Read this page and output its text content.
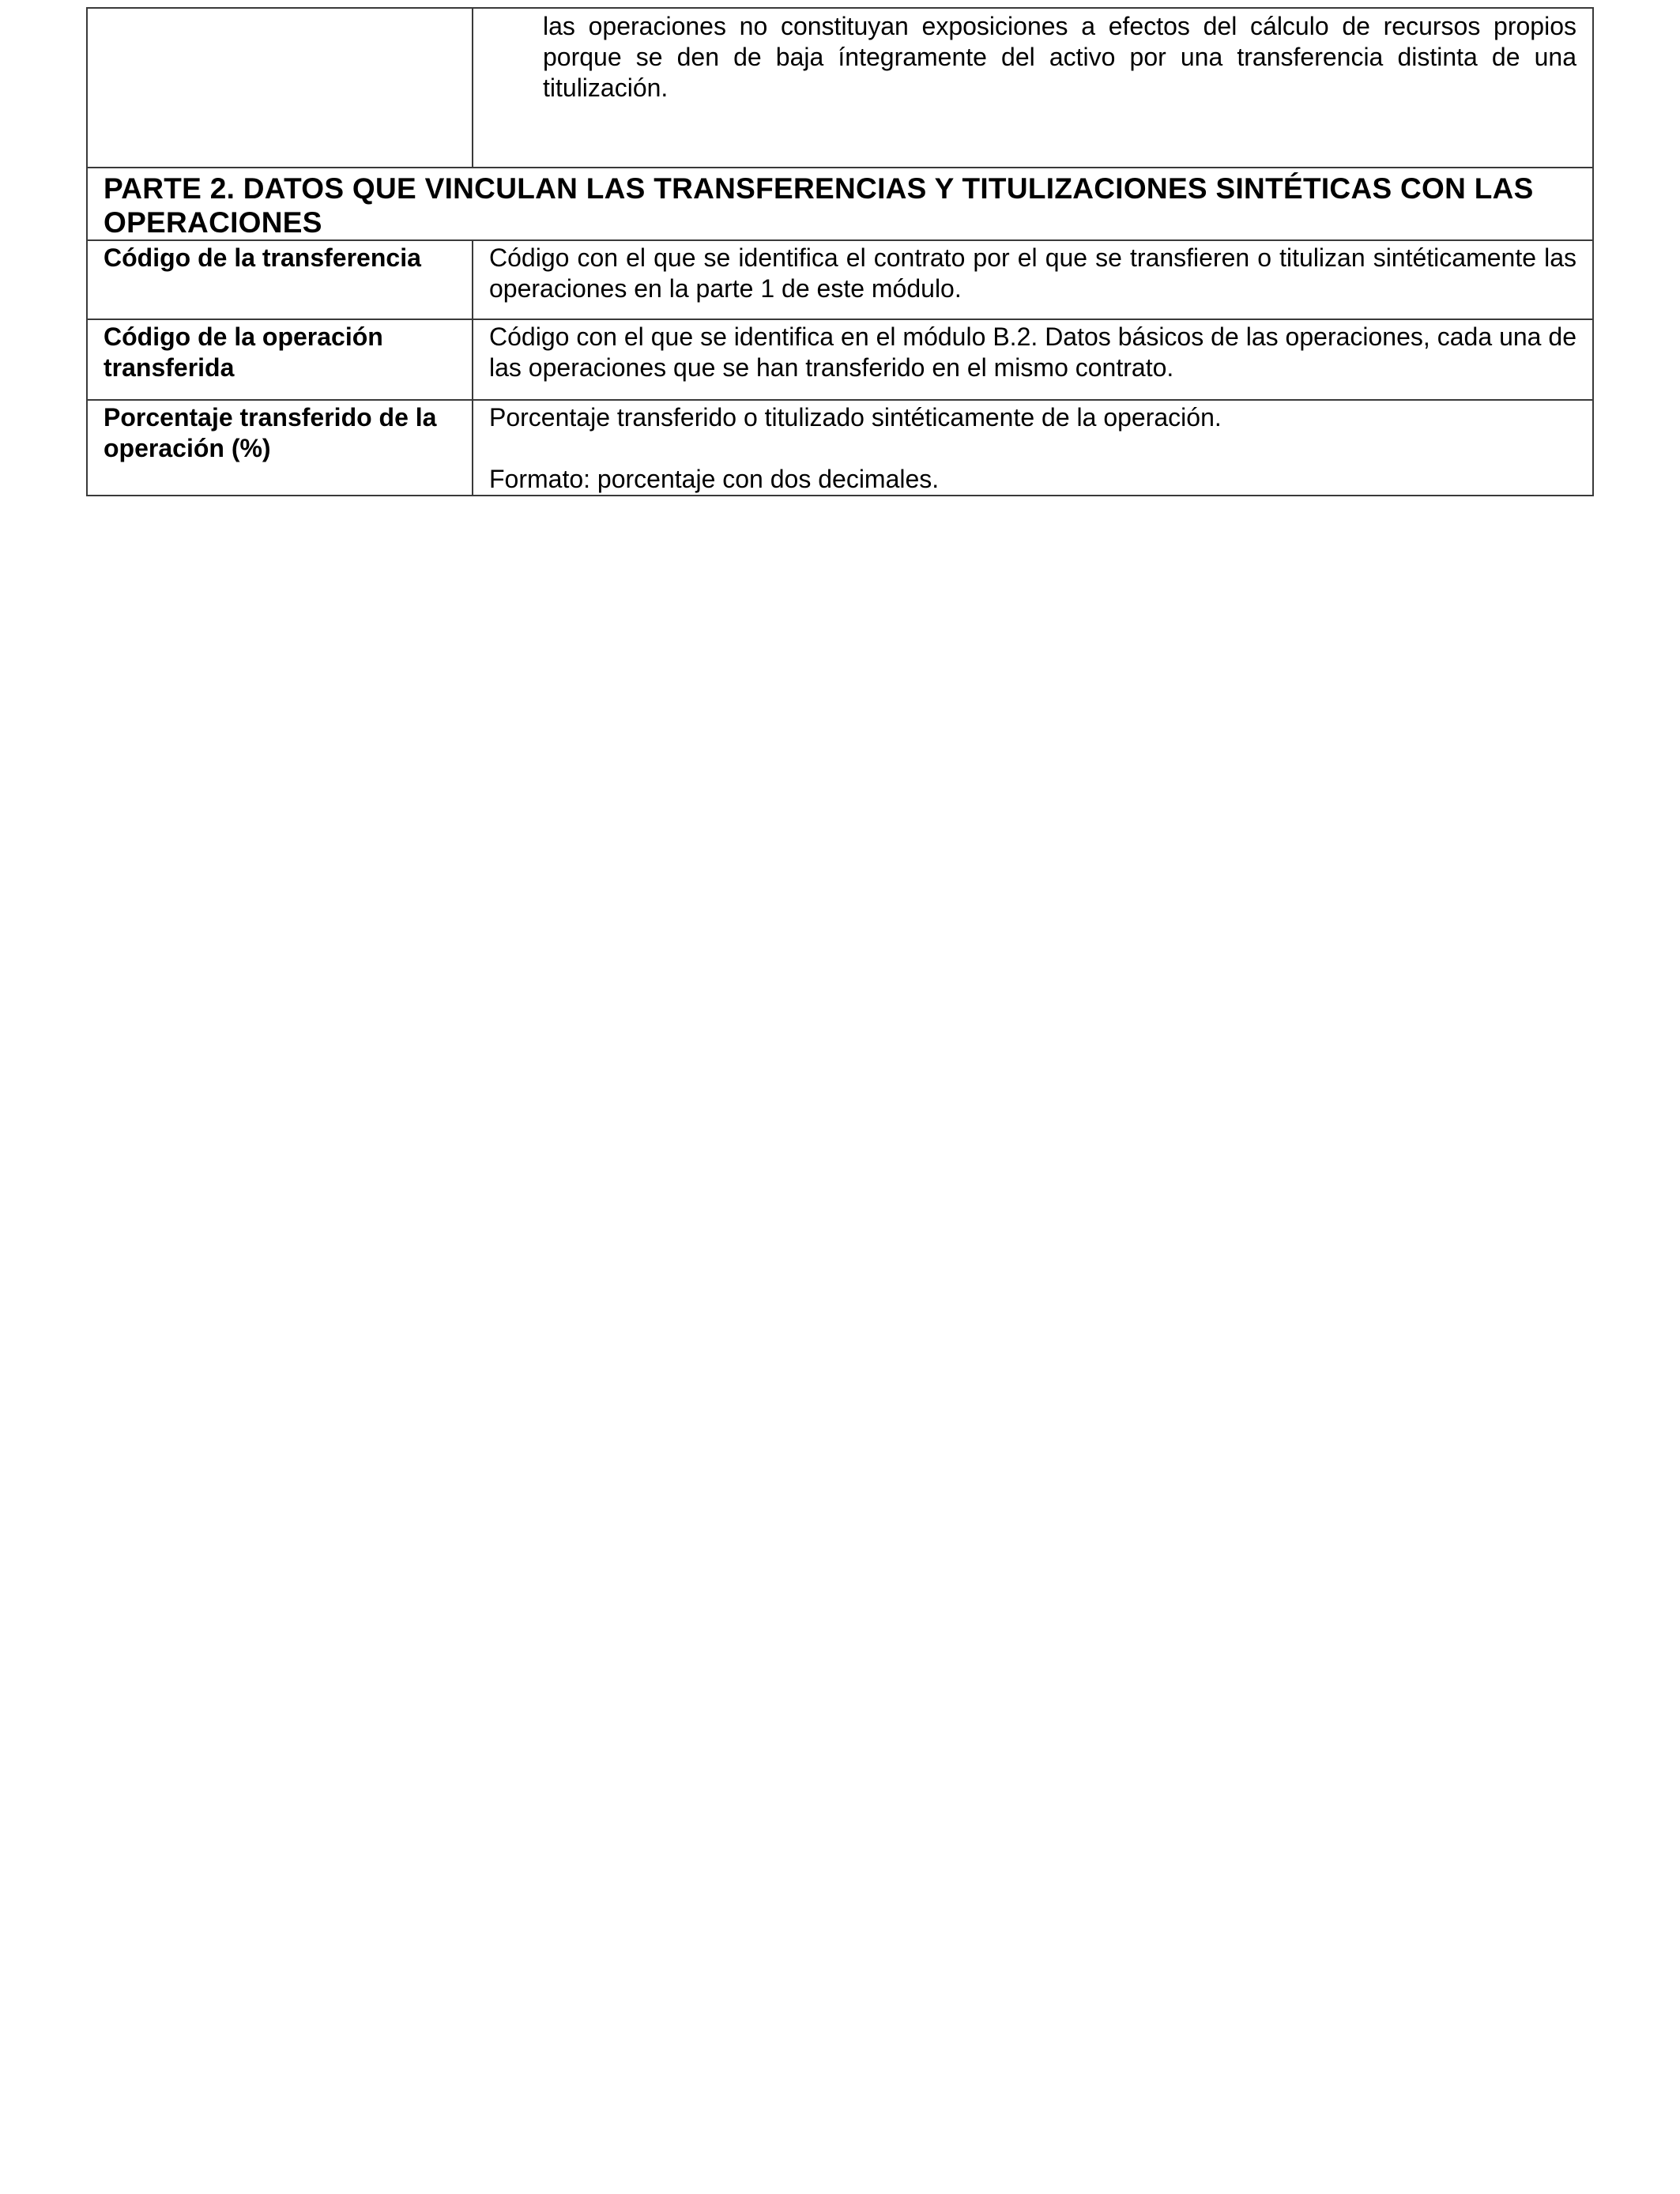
	las operaciones no constituyan exposiciones a efectos del cálculo de recursos propios porque se den de baja íntegramente del activo por una transferencia distinta de una titulización.
PARTE 2. DATOS QUE VINCULAN LAS TRANSFERENCIAS Y TITULIZACIONES SINTÉTICAS CON LAS OPERACIONES	
Código de la transferencia	Código con el que se identifica el contrato por el que se transfieren o titulizan sintéticamente las operaciones en la parte 1 de este módulo.
Código de la operación transferida	Código con el que se identifica en el módulo B.2. Datos básicos de las operaciones, cada una de las operaciones que se han transferido en el mismo contrato.
Porcentaje transferido de la operación (%)	Porcentaje transferido o titulizado sintéticamente de la operación.
Formato: porcentaje con dos decimales.
